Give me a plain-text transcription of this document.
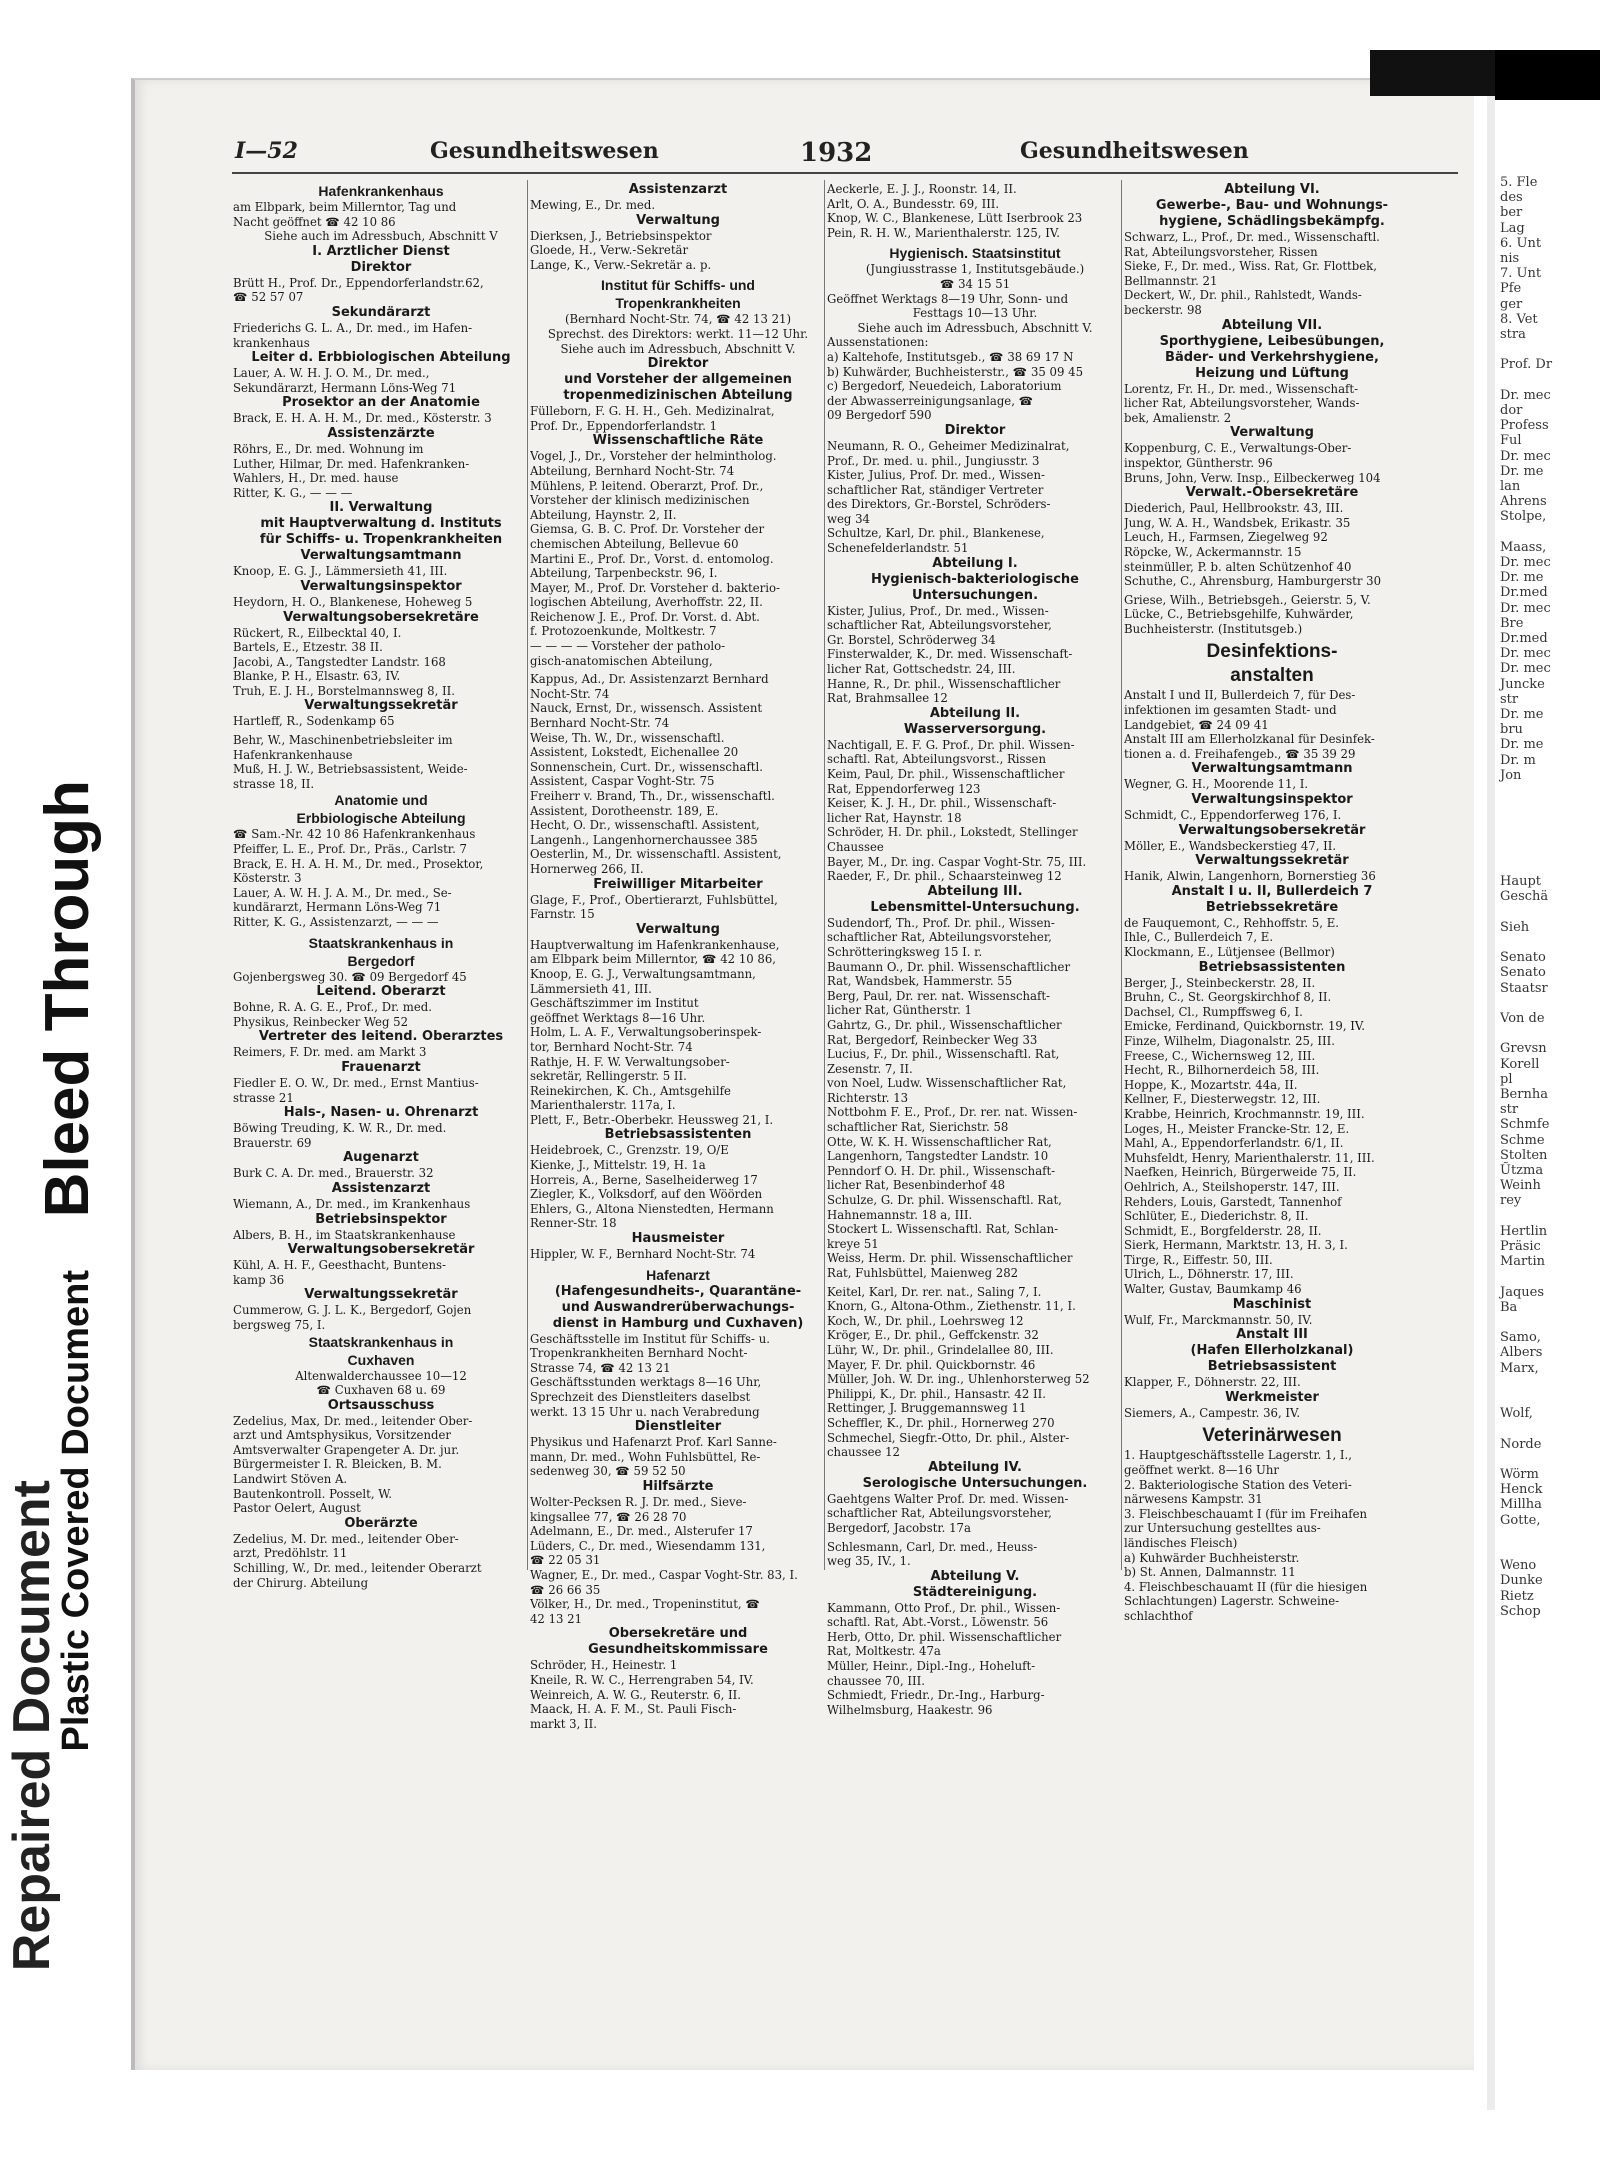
Bleed Through
Plastic Covered Document
Repaired Document
5. Fle
des
ber
Lag
6. Unt
nis
7. Unt
Pfe
ger
8. Vet
stra
Prof. Dr
Dr. mec
dor
Profess
Ful
Dr. mec
Dr. me
lan
Ahrens
Stolpe,
Maass,
Dr. mec
Dr. me
Dr.med
Dr. mec
Bre
Dr.med
Dr. mec
Dr. mec
Juncke
str
Dr. me
bru
Dr. me
Dr. m
Jon
Haupt
Geschä
Sieh
Senato
Senato
Staatsr
Von de
Grevsn
Korell
pl
Bernha
str
Schmfe
Schme
Stolten
Ũtzma
Weinh
rey
Hertlin
Präsic
Martin
Jaques
Ba
Samo,
Albers
Marx,
Wolf,
Norde
Wörm
Henck
Millha
Gotte,
Weno
Dunke
Rietz
Schop
I—52	Gesundheitswesen	1932	Gesundheitswesen
Hafenkrankenhaus
am Elbpark, beim Millerntor, Tag und
Nacht geöffnet ☎ 42 10 86
Siehe auch im Adressbuch, Abschnitt V
I. Ärztlicher Dienst
Direktor
Brütt H., Prof. Dr., Eppendorferlandstr.62,
☎ 52 57 07
Sekundärarzt
Friederichs G. L. A., Dr. med., im Hafen-
krankenhaus
Leiter d. Erbbiologischen Abteilung
Lauer, A. W. H. J. O. M., Dr. med.,
Sekundärarzt, Hermann Löns-Weg 71
Prosektor an der Anatomie
Brack, E. H. A. H. M., Dr. med., Kösterstr. 3
Assistenzärzte
Röhrs, E., Dr. med. Wohnung im
Luther, Hilmar, Dr. med. Hafenkranken-
Wahlers, H., Dr. med. hause
Ritter, K. G., — — —
II. Verwaltung
mit Hauptverwaltung d. Instituts
für Schiffs- u. Tropenkrankheiten
Verwaltungsamtmann
Knoop, E. G. J., Lämmersieth 41, III.
Verwaltungsinspektor
Heydorn, H. O., Blankenese, Hoheweg 5
Verwaltungsobersekretäre
Rückert, R., Eilbecktal 40, I.
Bartels, E., Etzestr. 38 II.
Jacobi, A., Tangstedter Landstr. 168
Blanke, P. H., Elsastr. 63, IV.
Truh, E. J. H., Borstelmannsweg 8, II.
Verwaltungssekretär
Hartleff, R., Sodenkamp 65
Behr, W., Maschinenbetriebsleiter im
Hafenkrankenhause
Muß, H. J. W., Betriebsassistent, Weide-
strasse 18, II.
Anatomie und
Erbbiologische Abteilung
☎ Sam.-Nr. 42 10 86 Hafenkrankenhaus
Pfeiffer, L. E., Prof. Dr., Präs., Carlstr. 7
Brack, E. H. A. H. M., Dr. med., Prosektor,
Kösterstr. 3
Lauer, A. W. H. J. A. M., Dr. med., Se-
kundärarzt, Hermann Löns-Weg 71
Ritter, K. G., Assistenzarzt, — — —
Staatskrankenhaus in
Bergedorf
Gojenbergsweg 30. ☎ 09 Bergedorf 45
Leitend. Oberarzt
Bohne, R. A. G. E., Prof., Dr. med.
Physikus, Reinbecker Weg 52
Vertreter des leitend. Oberarztes
Reimers, F. Dr. med. am Markt 3
Frauenarzt
Fiedler E. O. W., Dr. med., Ernst Mantius-
strasse 21
Hals-, Nasen- u. Ohrenarzt
Böwing Treuding, K. W. R., Dr. med.
Brauerstr. 69
Augenarzt
Burk C. A. Dr. med., Brauerstr. 32
Assistenzarzt
Wiemann, A., Dr. med., im Krankenhaus
Betriebsinspektor
Albers, B. H., im Staatskrankenhause
Verwaltungsobersekretär
Kühl, A. H. F., Geesthacht, Buntens-
kamp 36
Verwaltungssekretär
Cummerow, G. J. L. K., Bergedorf, Gojen
bergsweg 75, I.
Staatskrankenhaus in
Cuxhaven
Altenwalderchaussee 10—12
☎ Cuxhaven 68 u. 69
Ortsausschuss
Zedelius, Max, Dr. med., leitender Ober-
arzt und Amtsphysikus, Vorsitzender
Amtsverwalter Grapengeter A. Dr. jur.
Bürgermeister I. R. Bleicken, B. M.
Landwirt Stöven A.
Bautenkontroll. Posselt, W.
Pastor Oelert, August
Oberärzte
Zedelius, M. Dr. med., leitender Ober-
arzt, Predöhlstr. 11
Schilling, W., Dr. med., leitender Oberarzt
der Chirurg. Abteilung
Assistenzarzt
Mewing, E., Dr. med.
Verwaltung
Dierksen, J., Betriebsinspektor
Gloede, H., Verw.-Sekretär
Lange, K., Verw.-Sekretär a. p.
Institut für Schiffs- und
Tropenkrankheiten
(Bernhard Nocht-Str. 74, ☎ 42 13 21)
Sprechst. des Direktors: werkt. 11—12 Uhr.
Siehe auch im Adressbuch, Abschnitt V.
Direktor
und Vorsteher der allgemeinen
tropenmedizinischen Abteilung
Fülleborn, F. G. H. H., Geh. Medizinalrat,
Prof. Dr., Eppendorferlandstr. 1
Wissenschaftliche Räte
Vogel, J., Dr., Vorsteher der helmintholog.
Abteilung, Bernhard Nocht-Str. 74
Mühlens, P. leitend. Oberarzt, Prof. Dr.,
Vorsteher der klinisch medizinischen
Abteilung, Haynstr. 2, II.
Giemsa, G. B. C. Prof. Dr. Vorsteher der
chemischen Abteilung, Bellevue 60
Martini E., Prof. Dr., Vorst. d. entomolog.
Abteilung, Tarpenbeckstr. 96, I.
Mayer, M., Prof. Dr. Vorsteher d. bakterio-
logischen Abteilung, Averhoffstr. 22, II.
Reichenow J. E., Prof. Dr. Vorst. d. Abt.
f. Protozoenkunde, Moltkestr. 7
— — — — Vorsteher der patholo-
gisch-anatomischen Abteilung,
Kappus, Ad., Dr. Assistenzarzt Bernhard
Nocht-Str. 74
Nauck, Ernst, Dr., wissensch. Assistent
Bernhard Nocht-Str. 74
Weise, Th. W., Dr., wissenschaftl.
Assistent, Lokstedt, Eichenallee 20
Sonnenschein, Curt. Dr., wissenschaftl.
Assistent, Caspar Voght-Str. 75
Freiherr v. Brand, Th., Dr., wissenschaftl.
Assistent, Dorotheenstr. 189, E.
Hecht, O. Dr., wissenschaftl. Assistent,
Langenh., Langenhornerchaussee 385
Oesterlin, M., Dr. wissenschaftl. Assistent,
Hornerweg 266, II.
Freiwilliger Mitarbeiter
Glage, F., Prof., Obertierarzt, Fuhlsbüttel,
Farnstr. 15
Verwaltung
Hauptverwaltung im Hafenkrankenhause,
am Elbpark beim Millerntor, ☎ 42 10 86,
Knoop, E. G. J., Verwaltungsamtmann,
Lämmersieth 41, III.
Geschäftszimmer im Institut
geöffnet Werktags 8—16 Uhr.
Holm, L. A. F., Verwaltungsoberinspek-
tor, Bernhard Nocht-Str. 74
Rathje, H. F. W. Verwaltungsober-
sekretär, Rellingerstr. 5 II.
Reinekirchen, K. Ch., Amtsgehilfe
Marienthalerstr. 117a, I.
Plett, F., Betr.-Oberbekr. Heussweg 21, I.
Betriebsassistenten
Heidebroek, C., Grenzstr. 19, O/E
Kienke, J., Mittelstr. 19, H. 1a
Horreis, A., Berne, Saselheiderweg 17
Ziegler, K., Volksdorf, auf den Wöörden
Ehlers, G., Altona Nienstedten, Hermann
Renner-Str. 18
Hausmeister
Hippler, W. F., Bernhard Nocht-Str. 74
Hafenarzt
(Hafengesundheits-, Quarantäne-
und Auswandrerüberwachungs-
dienst in Hamburg und Cuxhaven)
Geschäftsstelle im Institut für Schiffs- u.
Tropenkrankheiten Bernhard Nocht-
Strasse 74, ☎ 42 13 21
Geschäftsstunden werktags 8—16 Uhr,
Sprechzeit des Dienstleiters daselbst
werkt. 13 15 Uhr u. nach Verabredung
Dienstleiter
Physikus und Hafenarzt Prof. Karl Sanne-
mann, Dr. med., Wohn Fuhlsbüttel, Re-
sedenweg 30, ☎ 59 52 50
Hilfsärzte
Wolter-Pecksen R. J. Dr. med., Sieve-
kingsallee 77, ☎ 26 28 70
Adelmann, E., Dr. med., Alsterufer 17
Lüders, C., Dr. med., Wiesendamm 131,
☎ 22 05 31
Wagner, E., Dr. med., Caspar Voght-Str. 83, I.
☎ 26 66 35
Völker, H., Dr. med., Tropeninstitut, ☎
42 13 21
Obersekretäre und
Gesundheitskommissare
Schröder, H., Heinestr. 1
Kneile, R. W. C., Herrengraben 54, IV.
Weinreich, A. W. G., Reuterstr. 6, II.
Maack, H. A. F. M., St. Pauli Fisch-
markt 3, II.
Aeckerle, E. J. J., Roonstr. 14, II.
Arlt, O. A., Bundesstr. 69, III.
Knop, W. C., Blankenese, Lütt Iserbrook 23
Pein, R. H. W., Marienthalerstr. 125, IV.
Hygienisch. Staatsinstitut
(Jungiusstrasse 1, Institutsgebäude.)
☎ 34 15 51
Geöffnet Werktags 8—19 Uhr, Sonn- und
Festtags 10—13 Uhr.
Siehe auch im Adressbuch, Abschnitt V.
Aussenstationen:
a) Kaltehofe, Institutsgeb., ☎ 38 69 17 N
b) Kuhwärder, Buchheisterstr., ☎ 35 09 45
c) Bergedorf, Neuedeich, Laboratorium
der Abwasserreinigungsanlage, ☎
09 Bergedorf 590
Direktor
Neumann, R. O., Geheimer Medizinalrat,
Prof., Dr. med. u. phil., Jungiusstr. 3
Kister, Julius, Prof. Dr. med., Wissen-
schaftlicher Rat, ständiger Vertreter
des Direktors, Gr.-Borstel, Schröders-
weg 34
Schultze, Karl, Dr. phil., Blankenese,
Schenefelderlandstr. 51
Abteilung I.
Hygienisch-bakteriologische
Untersuchungen.
Kister, Julius, Prof., Dr. med., Wissen-
schaftlicher Rat, Abteilungsvorsteher,
Gr. Borstel, Schröderweg 34
Finsterwalder, K., Dr. med. Wissenschaft-
licher Rat, Gottschedstr. 24, III.
Hanne, R., Dr. phil., Wissenschaftlicher
Rat, Brahmsallee 12
Abteilung II.
Wasserversorgung.
Nachtigall, E. F. G. Prof., Dr. phil. Wissen-
schaftl. Rat, Abteilungsvorst., Rissen
Keim, Paul, Dr. phil., Wissenschaftlicher
Rat, Eppendorferweg 123
Keiser, K. J. H., Dr. phil., Wissenschaft-
licher Rat, Haynstr. 18
Schröder, H. Dr. phil., Lokstedt, Stellinger
Chaussee
Bayer, M., Dr. ing. Caspar Voght-Str. 75, III.
Raeder, F., Dr. phil., Schaarsteinweg 12
Abteilung III.
Lebensmittel-Untersuchung.
Sudendorf, Th., Prof. Dr. phil., Wissen-
schaftlicher Rat, Abteilungsvorsteher,
Schrötteringksweg 15 I. r.
Baumann O., Dr. phil. Wissenschaftlicher
Rat, Wandsbek, Hammerstr. 55
Berg, Paul, Dr. rer. nat. Wissenschaft-
licher Rat, Güntherstr. 1
Gahrtz, G., Dr. phil., Wissenschaftlicher
Rat, Bergedorf, Reinbecker Weg 33
Lucius, F., Dr. phil., Wissenschaftl. Rat,
Zesenstr. 7, II.
von Noel, Ludw. Wissenschaftlicher Rat,
Richterstr. 13
Nottbohm F. E., Prof., Dr. rer. nat. Wissen-
schaftlicher Rat, Sierichstr. 58
Otte, W. K. H. Wissenschaftlicher Rat,
Langenhorn, Tangstedter Landstr. 10
Penndorf O. H. Dr. phil., Wissenschaft-
licher Rat, Besenbinderhof 48
Schulze, G. Dr. phil. Wissenschaftl. Rat,
Hahnemannstr. 18 a, III.
Stockert L. Wissenschaftl. Rat, Schlan-
kreye 51
Weiss, Herm. Dr. phil. Wissenschaftlicher
Rat, Fuhlsbüttel, Maienweg 282
Keitel, Karl, Dr. rer. nat., Saling 7, I.
Knorn, G., Altona-Othm., Ziethenstr. 11, I.
Koch, W., Dr. phil., Loehrsweg 12
Kröger, E., Dr. phil., Geffckenstr. 32
Lühr, W., Dr. phil., Grindelallee 80, III.
Mayer, F. Dr. phil. Quickbornstr. 46
Müller, Joh. W. Dr. ing., Uhlenhorsterweg 52
Philippi, K., Dr. phil., Hansastr. 42 II.
Rettinger, J. Bruggemannsweg 11
Scheffler, K., Dr. phil., Hornerweg 270
Schmechel, Siegfr.-Otto, Dr. phil., Alster-
chaussee 12
Abteilung IV.
Serologische Untersuchungen.
Gaehtgens Walter Prof. Dr. med. Wissen-
schaftlicher Rat, Abteilungsvorsteher,
Bergedorf, Jacobstr. 17a
Schlesmann, Carl, Dr. med., Heuss-
weg 35, IV., 1.
Abteilung V.
Städtereinigung.
Kammann, Otto Prof., Dr. phil., Wissen-
schaftl. Rat, Abt.-Vorst., Löwenstr. 56
Herb, Otto, Dr. phil. Wissenschaftlicher
Rat, Moltkestr. 47a
Müller, Heinr., Dipl.-Ing., Hoheluft-
chaussee 70, III.
Schmiedt, Friedr., Dr.-Ing., Harburg-
Wilhelmsburg, Haakestr. 96
Abteilung VI.
Gewerbe-, Bau- und Wohnungs-
hygiene, Schädlingsbekämpfg.
Schwarz, L., Prof., Dr. med., Wissenschaftl.
Rat, Abteilungsvorsteher, Rissen
Sieke, F., Dr. med., Wiss. Rat, Gr. Flottbek,
Bellmannstr. 21
Deckert, W., Dr. phil., Rahlstedt, Wands-
beckerstr. 98
Abteilung VII.
Sporthygiene, Leibesübungen,
Bäder- und Verkehrshygiene,
Heizung und Lüftung
Lorentz, Fr. H., Dr. med., Wissenschaft-
licher Rat, Abteilungsvorsteher, Wands-
bek, Amalienstr. 2
Verwaltung
Koppenburg, C. E., Verwaltungs-Ober-
inspektor, Güntherstr. 96
Bruns, John, Verw. Insp., Eilbeckerweg 104
Verwalt.-Obersekretäre
Diederich, Paul, Hellbrookstr. 43, III.
Jung, W. A. H., Wandsbek, Erikastr. 35
Leuch, H., Farmsen, Ziegelweg 92
Röpcke, W., Ackermannstr. 15
steinmüller, P. b. alten Schützenhof 40
Schuthe, C., Ahrensburg, Hamburgerstr 30
Griese, Wilh., Betriebsgeh., Geierstr. 5, V.
Lücke, C., Betriebsgehilfe, Kuhwärder,
Buchheisterstr. (Institutsgeb.)
Desinfektions-
anstalten
Anstalt I und II, Bullerdeich 7, für Des-
infektionen im gesamten Stadt- und
Landgebiet, ☎ 24 09 41
Anstalt III am Ellerholzkanal für Desinfek-
tionen a. d. Freihafengeb., ☎ 35 39 29
Verwaltungsamtmann
Wegner, G. H., Moorende 11, I.
Verwaltungsinspektor
Schmidt, C., Eppendorferweg 176, I.
Verwaltungsobersekretär
Möller, E., Wandsbeckerstieg 47, II.
Verwaltungssekretär
Hanik, Alwin, Langenhorn, Bornerstieg 36
Anstalt I u. II, Bullerdeich 7
Betriebssekretäre
de Fauquemont, C., Rehhoffstr. 5, E.
Ihle, C., Bullerdeich 7, E.
Klockmann, E., Lütjensee (Bellmor)
Betriebsassistenten
Berger, J., Steinbeckerstr. 28, II.
Bruhn, C., St. Georgskirchhof 8, II.
Dachsel, Cl., Rumpffsweg 6, I.
Emicke, Ferdinand, Quickbornstr. 19, IV.
Finze, Wilhelm, Diagonalstr. 25, III.
Freese, C., Wichernsweg 12, III.
Hecht, R., Bilhornerdeich 58, III.
Hoppe, K., Mozartstr. 44a, II.
Kellner, F., Diesterwegstr. 12, III.
Krabbe, Heinrich, Krochmannstr. 19, III.
Loges, H., Meister Francke-Str. 12, E.
Mahl, A., Eppendorferlandstr. 6/1, II.
Muhsfeldt, Henry, Marienthalerstr. 11, III.
Naefken, Heinrich, Bürgerweide 75, II.
Oehlrich, A., Steilshoperstr. 147, III.
Rehders, Louis, Garstedt, Tannenhof
Schlüter, E., Diederichstr. 8, II.
Schmidt, E., Borgfelderstr. 28, II.
Sierk, Hermann, Marktstr. 13, H. 3, I.
Tirge, R., Eiffestr. 50, III.
Ulrich, L., Döhnerstr. 17, III.
Walter, Gustav, Baumkamp 46
Maschinist
Wulf, Fr., Marckmannstr. 50, IV.
Anstalt III
(Hafen Ellerholzkanal)
Betriebsassistent
Klapper, F., Döhnerstr. 22, III.
Werkmeister
Siemers, A., Campestr. 36, IV.
Veterinärwesen
1. Hauptgeschäftsstelle Lagerstr. 1, I.,
geöffnet werkt. 8—16 Uhr
2. Bakteriologische Station des Veteri-
närwesens Kampstr. 31
3. Fleischbeschauamt I (für im Freihafen
zur Untersuchung gestelltes aus-
ländisches Fleisch)
a) Kuhwärder Buchheisterstr.
b) St. Annen, Dalmannstr. 11
4. Fleischbeschauamt II (für die hiesigen
Schlachtungen) Lagerstr. Schweine-
schlachthof
